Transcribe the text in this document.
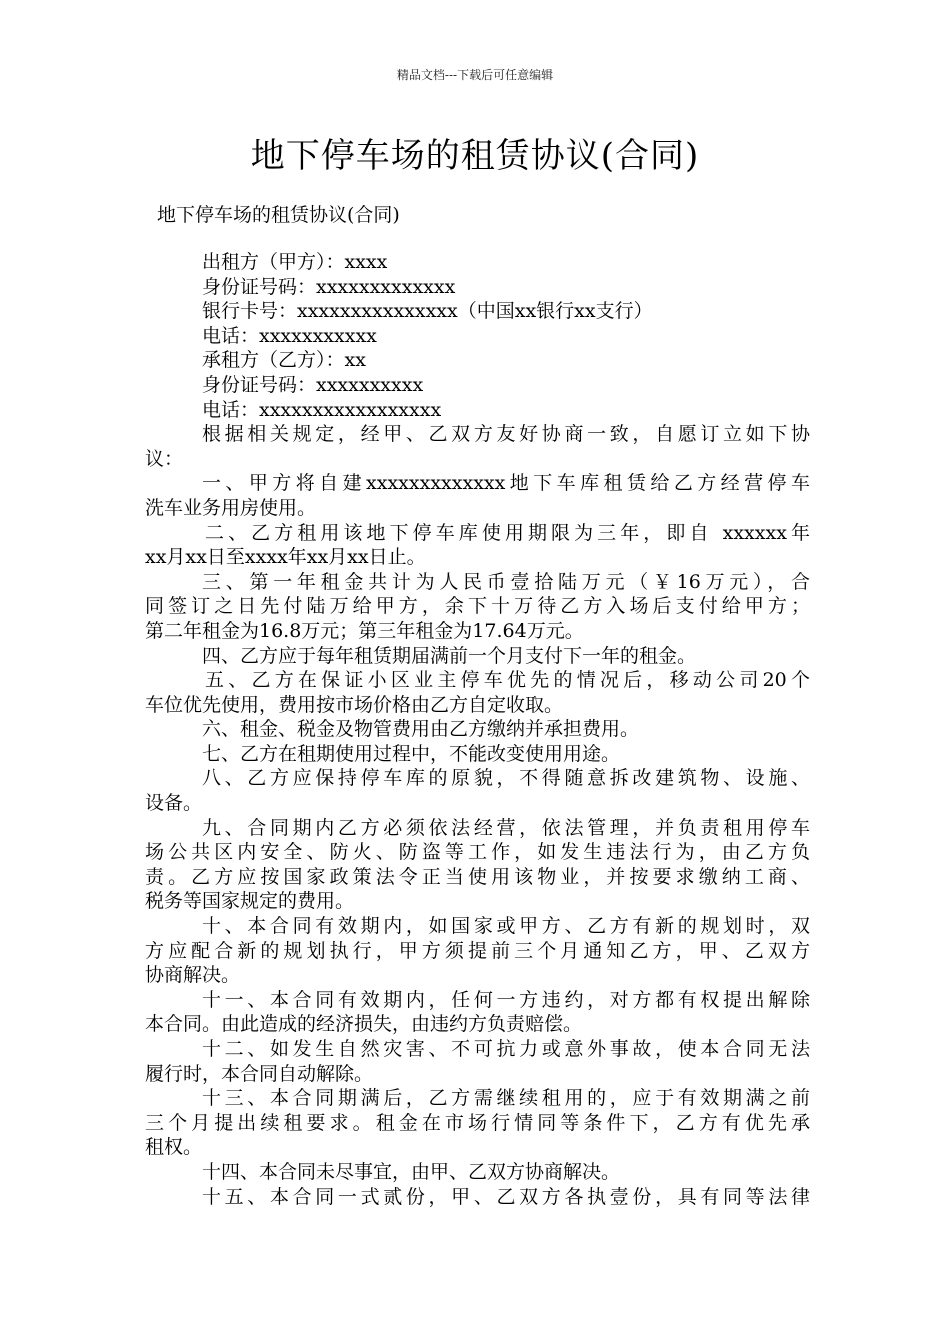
精品文档---下载后可任意编辑
地下停车场的租赁协议(合同)
地下停车场的租赁协议(合同)
出租方（甲方）：xxxx
身份证号码：xxxxxxxxxxxxx
银行卡号：xxxxxxxxxxxxxxx（中国xx银行xx支行）
电话：xxxxxxxxxxx
承租方（乙方）：xx
身份证号码：xxxxxxxxxx
电话：xxxxxxxxxxxxxxxxx
根据相关规定，经甲、乙双方友好协商一致，自愿订立如下协
议：
一、甲方将自建xxxxxxxxxxxxx地下车库租赁给乙方经营停车
洗车业务用房使用。
二、乙方租用该地下停车库使用期限为三年，即自 xxxxxx年
xx月xx日至xxxx年xx月xx日止。
三、第一年租金共计为人民币壹拾陆万元（￥16万元），合
同签订之日先付陆万给甲方，余下十万待乙方入场后支付给甲方；
第二年租金为16.8万元；第三年租金为17.64万元。
四、乙方应于每年租赁期届满前一个月支付下一年的租金。
五、乙方在保证小区业主停车优先的情况后，移动公司20个
车位优先使用，费用按市场价格由乙方自定收取。
六、租金、税金及物管费用由乙方缴纳并承担费用。
七、乙方在租期使用过程中，不能改变使用用途。
八、乙方应保持停车库的原貌，不得随意拆改建筑物、设施、
设备。
九、合同期内乙方必须依法经营，依法管理，并负责租用停车
场公共区内安全、防火、防盗等工作，如发生违法行为，由乙方负
责。乙方应按国家政策法令正当使用该物业，并按要求缴纳工商、
税务等国家规定的费用。
十、本合同有效期内，如国家或甲方、乙方有新的规划时，双
方应配合新的规划执行，甲方须提前三个月通知乙方，甲、乙双方
协商解决。
十一、本合同有效期内，任何一方违约，对方都有权提出解除
本合同。由此造成的经济损失，由违约方负责赔偿。
十二、如发生自然灾害、不可抗力或意外事故，使本合同无法
履行时，本合同自动解除。
十三、本合同期满后，乙方需继续租用的，应于有效期满之前
三个月提出续租要求。租金在市场行情同等条件下，乙方有优先承
租权。
十四、本合同未尽事宜，由甲、乙双方协商解决。
十五、本合同一式贰份，甲、乙双方各执壹份，具有同等法律
